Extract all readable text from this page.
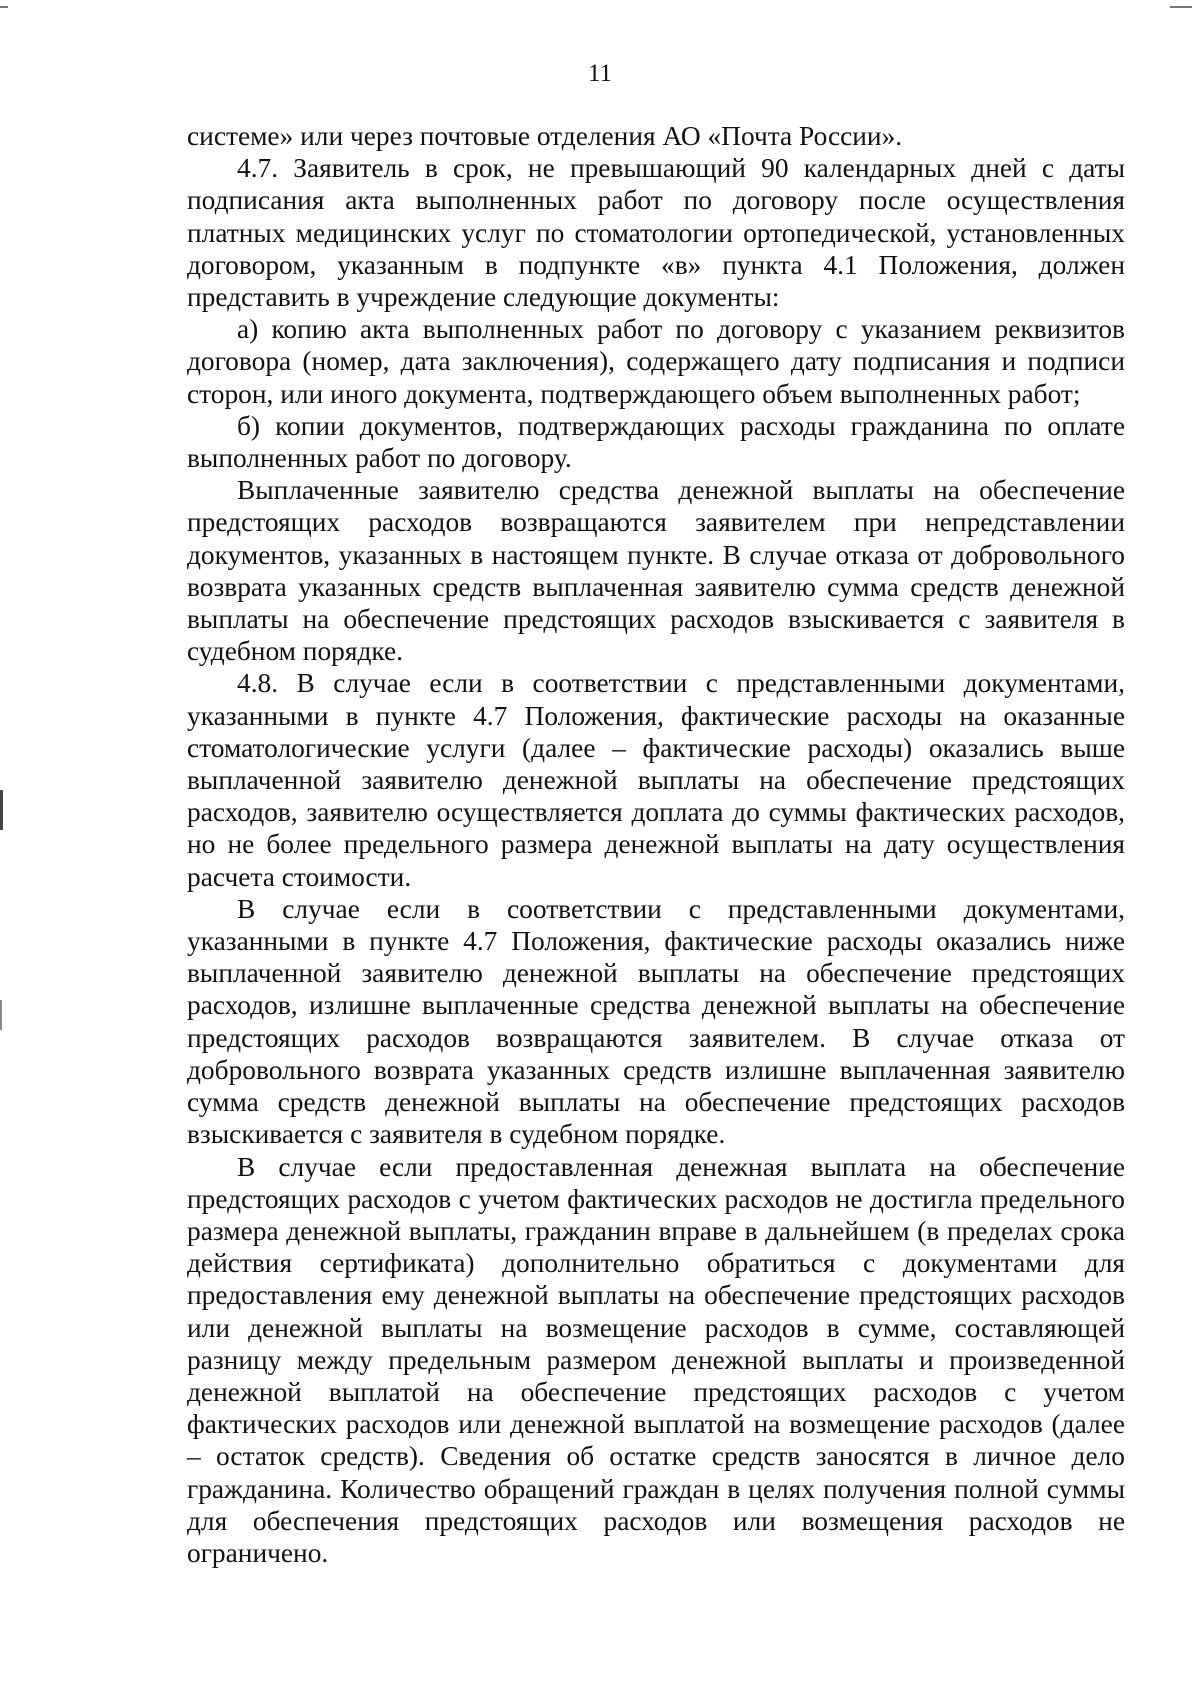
11

системе» или через почтовые отделения АО «Почта России».

4.7. Заявитель в срок, не превышающий 90 календарных дней с даты подписания акта выполненных работ по договору после осуществления платных медицинских услуг по стоматологии ортопедической, установленных договором, указанным в подпункте «в» пункта 4.1 Положения, должен представить в учреждение следующие документы:

а) копию акта выполненных работ по договору с указанием реквизитов договора (номер, дата заключения), содержащего дату подписания и подписи сторон, или иного документа, подтверждающего объем выполненных работ;

б) копии документов, подтверждающих расходы гражданина по оплате выполненных работ по договору.

Выплаченные заявителю средства денежной выплаты на обеспечение предстоящих расходов возвращаются заявителем при непредставлении документов, указанных в настоящем пункте. В случае отказа от добровольного возврата указанных средств выплаченная заявителю сумма средств денежной выплаты на обеспечение предстоящих расходов взыскивается с заявителя в судебном порядке.

4.8. В случае если в соответствии с представленными документами, указанными в пункте 4.7 Положения, фактические расходы на оказанные стоматологические услуги (далее – фактические расходы) оказались выше выплаченной заявителю денежной выплаты на обеспечение предстоящих расходов, заявителю осуществляется доплата до суммы фактических расходов, но не более предельного размера денежной выплаты на дату осуществления расчета стоимости.

В случае если в соответствии с представленными документами, указанными в пункте 4.7 Положения, фактические расходы оказались ниже выплаченной заявителю денежной выплаты на обеспечение предстоящих расходов, излишне выплаченные средства денежной выплаты на обеспечение предстоящих расходов возвращаются заявителем. В случае отказа от добровольного возврата указанных средств излишне выплаченная заявителю сумма средств денежной выплаты на обеспечение предстоящих расходов взыскивается с заявителя в судебном порядке.

В случае если предоставленная денежная выплата на обеспечение предстоящих расходов с учетом фактических расходов не достигла предельного размера денежной выплаты, гражданин вправе в дальнейшем (в пределах срока действия сертификата) дополнительно обратиться с документами для предоставления ему денежной выплаты на обеспечение предстоящих расходов или денежной выплаты на возмещение расходов в сумме, составляющей разницу между предельным размером денежной выплаты и произведенной денежной выплатой на обеспечение предстоящих расходов с учетом фактических расходов или денежной выплатой на возмещение расходов (далее – остаток средств). Сведения об остатке средств заносятся в личное дело гражданина. Количество обращений граждан в целях получения полной суммы для обеспечения предстоящих расходов или возмещения расходов не ограничено.
